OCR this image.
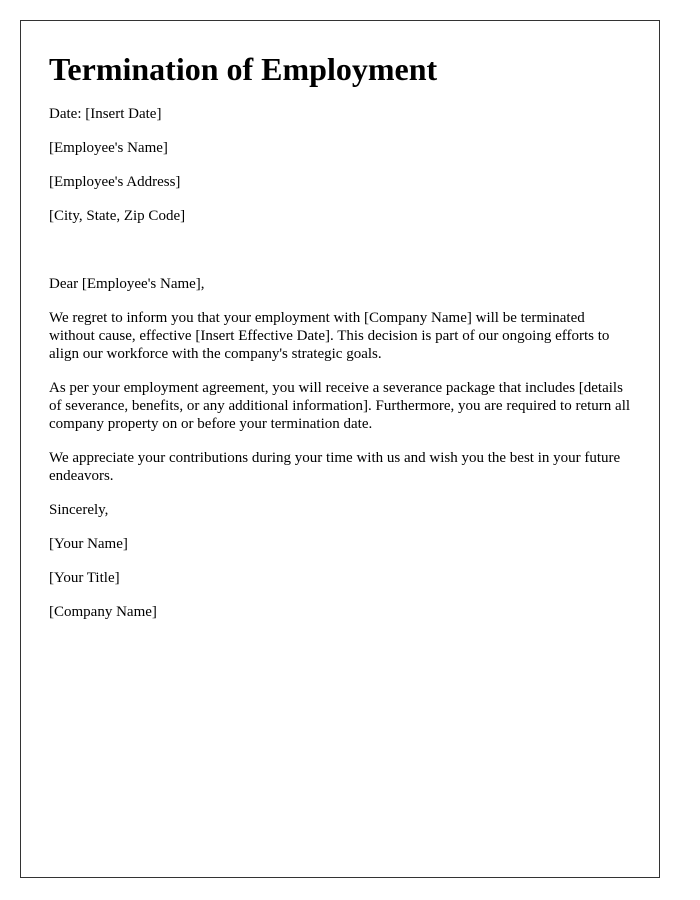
Termination of Employment
Date: [Insert Date]
[Employee's Name]
[Employee's Address]
[City, State, Zip Code]
Dear [Employee's Name],

We regret to inform you that your employment with [Company Name] will be terminated without cause, effective [Insert Effective Date]. This decision is part of our ongoing efforts to align our workforce with the company's strategic goals.

As per your employment agreement, you will receive a severance package that includes [details of severance, benefits, or any additional information]. Furthermore, you are required to return all company property on or before your termination date.

We appreciate your contributions during your time with us and wish you the best in your future endeavors.

Sincerely,
[Your Name]
[Your Title]
[Company Name]
